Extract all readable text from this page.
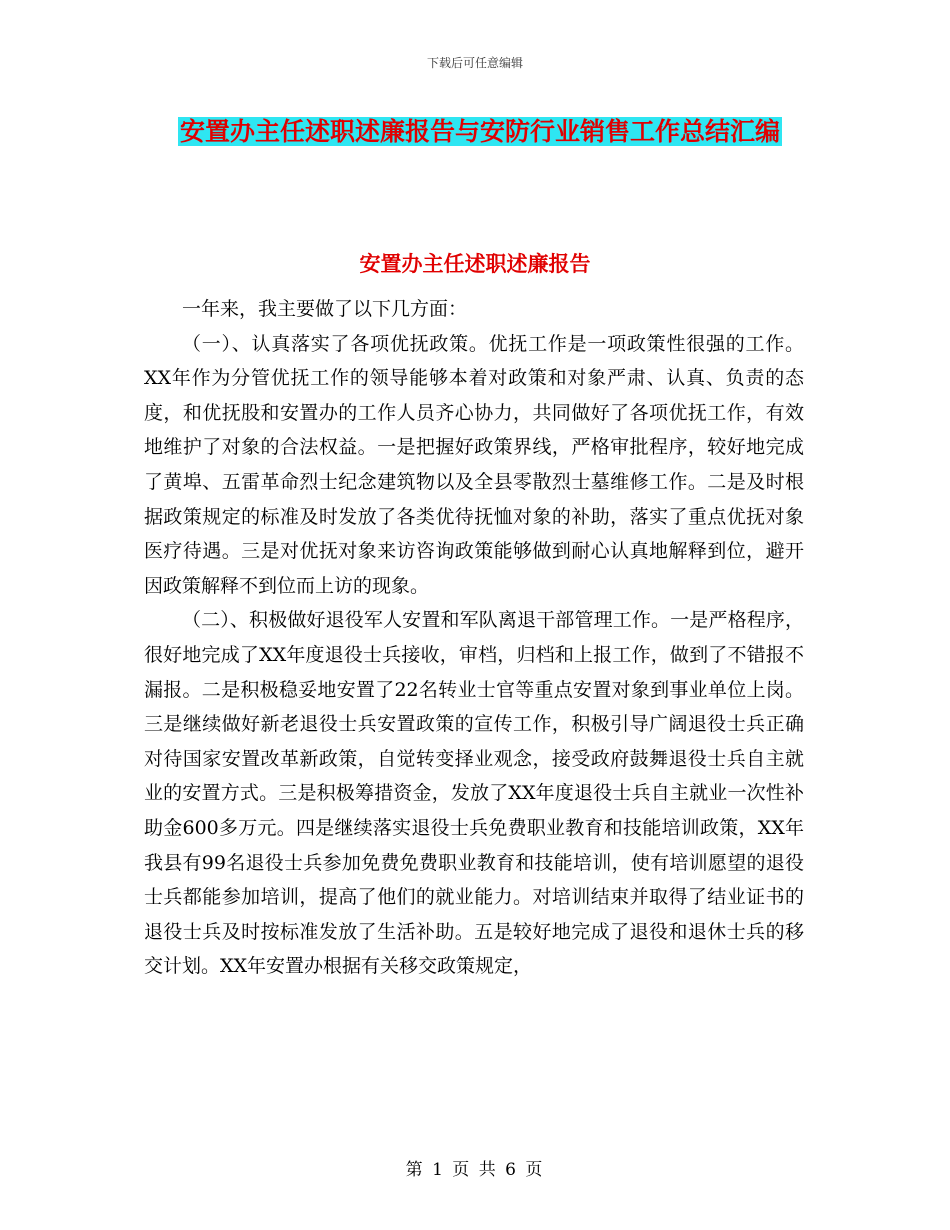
下载后可任意编辑
安置办主任述职述廉报告与安防行业销售工作总结汇编
安置办主任述职述廉报告

一年来，我主要做了以下几方面：

（一）、认真落实了各项优抚政策。优抚工作是一项政策性很强的工作。XX年作为分管优抚工作的领导能够本着对政策和对象严肃、认真、负责的态度，和优抚股和安置办的工作人员齐心协力，共同做好了各项优抚工作，有效地维护了对象的合法权益。一是把握好政策界线，严格审批程序，较好地完成了黄埠、五雷革命烈士纪念建筑物以及全县零散烈士墓维修工作。二是及时根据政策规定的标准及时发放了各类优待抚恤对象的补助，落实了重点优抚对象医疗待遇。三是对优抚对象来访咨询政策能够做到耐心认真地解释到位，避开因政策解释不到位而上访的现象。

（二）、积极做好退役军人安置和军队离退干部管理工作。一是严格程序，很好地完成了XX年度退役士兵接收，审档，归档和上报工作，做到了不错报不漏报。二是积极稳妥地安置了22名转业士官等重点安置对象到事业单位上岗。三是继续做好新老退役士兵安置政策的宣传工作，积极引导广阔退役士兵正确对待国家安置改革新政策，自觉转变择业观念，接受政府鼓舞退役士兵自主就业的安置方式。三是积极筹措资金，发放了XX年度退役士兵自主就业一次性补助金600多万元。四是继续落实退役士兵免费职业教育和技能培训政策，XX年我县有99名退役士兵参加免费免费职业教育和技能培训，使有培训愿望的退役士兵都能参加培训，提高了他们的就业能力。对培训结束并取得了结业证书的退役士兵及时按标准发放了生活补助。五是较好地完成了退役和退休士兵的移交计划。XX年安置办根据有关移交政策规定，

第 1 页 共 6 页
